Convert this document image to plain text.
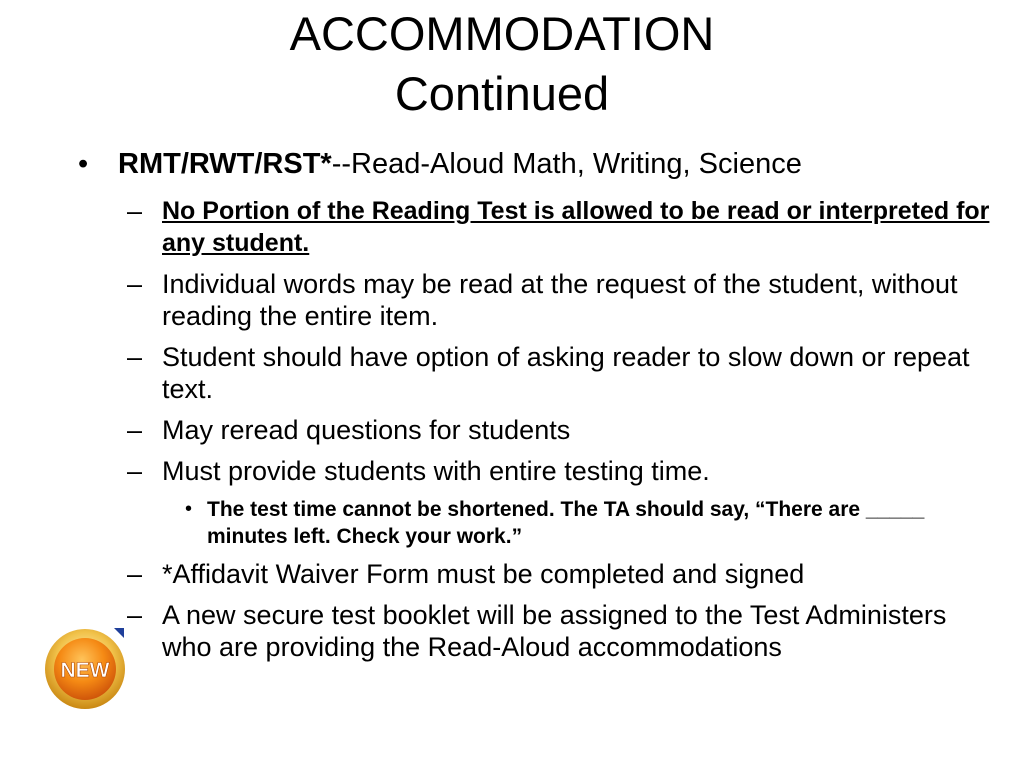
ACCOMMODATION
Continued
• RMT/RWT/RST*--Read-Aloud Math, Writing, Science
– No Portion of the Reading Test is allowed to be read or interpreted for any student.
– Individual words may be read at the request of the student, without reading the entire item.
– Student should have option of asking reader to slow down or repeat text.
– May reread questions for students
– Must provide students with entire testing time.
• The test time cannot be shortened. The TA should say, “There are _____ minutes left. Check your work.”
– *Affidavit Waiver Form must be completed and signed
– A new secure test booklet will be assigned to the Test Administers who are providing the Read-Aloud accommodations
NEW
